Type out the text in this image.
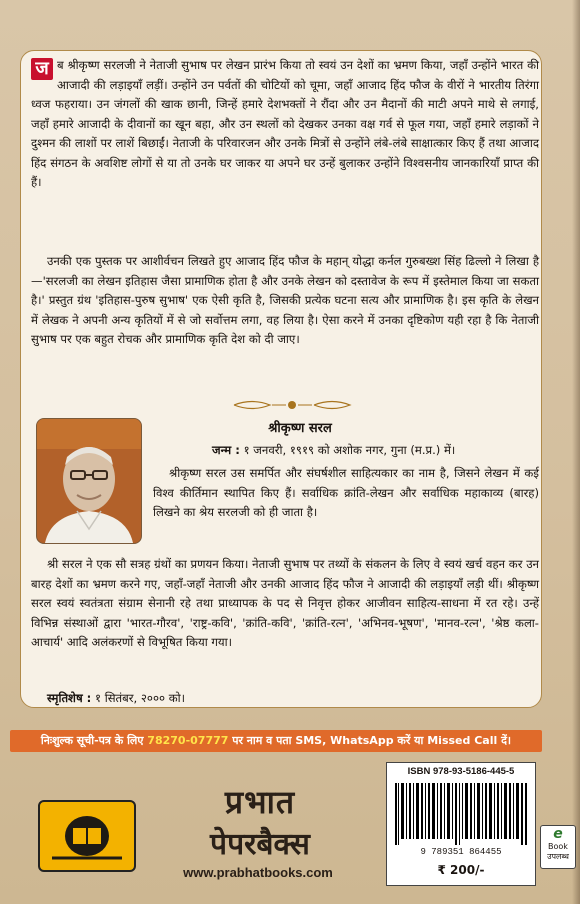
ज ब श्रीकृष्ण सरलजी ने नेताजी सुभाष पर लेखन प्रारंभ किया तो स्वयं उन देशों का भ्रमण किया, जहाँ उन्होंने भारत की आजादी की लड़ाइयाँ लड़ीं। उन्होंने उन पर्वतों की चोटियों को चूमा, जहाँ आजाद हिंद फौज के वीरों ने भारतीय तिरंगा ध्वज फहराया। उन जंगलों की खाक छानी, जिन्हें हमारे देशभक्तों ने रौंदा और उन मैदानों की माटी अपने माथे से लगाई, जहाँ हमारे आजादी के दीवानों का खून बहा, और उन स्थलों को देखकर उनका वक्ष गर्व से फूल गया, जहाँ हमारे लड़ाकों ने दुश्मन की लाशों पर लाशें बिछाईं। नेताजी के परिवारजन और उनके मित्रों से उन्होंने लंबे-लंबे साक्षात्कार किए हैं तथा आजाद हिंद संगठन के अवशिष्ट लोगों से या तो उनके घर जाकर या अपने घर उन्हें बुलाकर उन्होंने विश्वसनीय जानकारियाँ प्राप्त की हैं।

उनकी एक पुस्तक पर आशीर्वचन लिखते हुए आजाद हिंद फौज के महान् योद्धा कर्नल गुरुबख्श सिंह ढिल्लो ने लिखा है—'सरलजी का लेखन इतिहास जैसा प्रामाणिक होता है और उनके लेखन को दस्तावेज के रूप में इस्तेमाल किया जा सकता है।' प्रस्तुत ग्रंथ 'इतिहास-पुरुष सुभाष' एक ऐसी कृति है, जिसकी प्रत्येक घटना सत्य और प्रामाणिक है। इस कृति के लेखन में लेखक ने अपनी अन्य कृतियों में से जो सर्वोत्तम लगा, वह लिया है। ऐसा करने में उनका दृष्टिकोण यही रहा है कि नेताजी सुभाष पर एक बहुत रोचक और प्रामाणिक कृति देश को दी जाए।

श्रीकृष्ण सरल
जन्म : १ जनवरी, १९१९ को अशोक नगर, गुना (म.प्र.) में।

श्रीकृष्ण सरल उस समर्पित और संघर्षशील साहित्यकार का नाम है, जिसने लेखन में कई विश्व कीर्तिमान स्थापित किए हैं। सर्वाधिक क्रांति-लेखन और सर्वाधिक महाकाव्य (बारह) लिखने का श्रेय सरलजी को ही जाता है।

श्री सरल ने एक सौ सत्रह ग्रंथों का प्रणयन किया। नेताजी सुभाष पर तथ्यों के संकलन के लिए वे स्वयं खर्च वहन कर उन बारह देशों का भ्रमण करने गए, जहाँ-जहाँ नेताजी और उनकी आजाद हिंद फौज ने आजादी की लड़ाइयाँ लड़ी थीं। श्रीकृष्ण सरल स्वयं स्वतंत्रता संग्राम सेनानी रहे तथा प्राध्यापक के पद से निवृत्त होकर आजीवन साहित्य-साधना में रत रहे। उन्हें विभिन्न संस्थाओं द्वारा 'भारत-गौरव', 'राष्ट्र-कवि', 'क्रांति-कवि', 'क्रांति-रत्न', 'अभिनव-भूषण', 'मानव-रत्न', 'श्रेष्ठ कला-आचार्य' आदि अलंकरणों से विभूषित किया गया।

स्मृतिशेष : १ सितंबर, २००० को।
निःशुल्क सूची-पत्र के लिए 78270-07777 पर नाम व पता SMS, WhatsApp करें या Missed Call दें।
प्रभात
पेपरबैक्स
www.prabhatbooks.com
ISBN 978-93-5186-445-5
9 789351 864455
₹ 200/-
e
Book
उपलब्ध
